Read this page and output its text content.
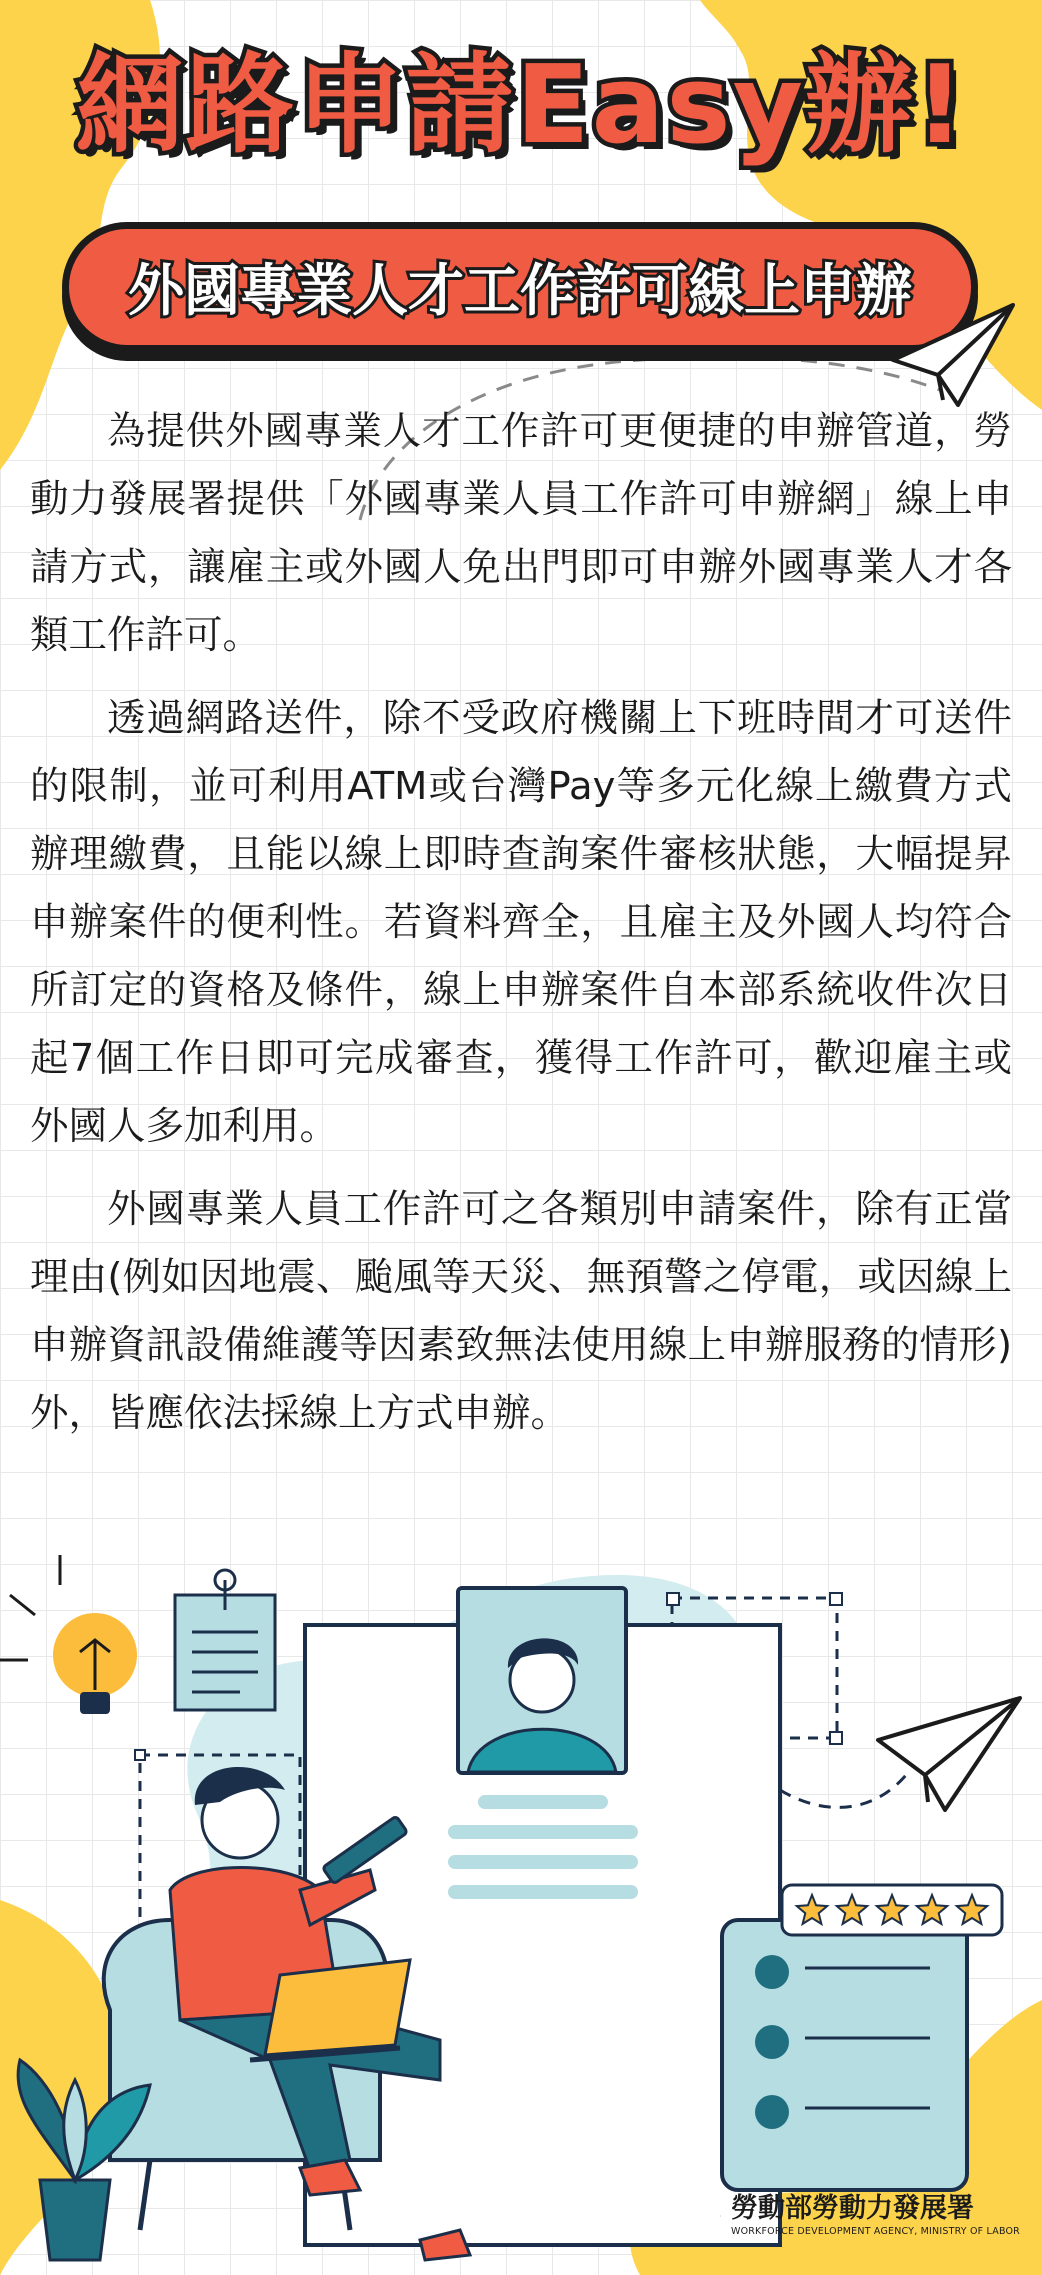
網路申請Easy辦!
外國專業人才工作許可線上申辦

為提供外國專業人才工作許可更便捷的申辦管道，勞動力發展署提供「外國專業人員工作許可申辦網」線上申請方式，讓雇主或外國人免出門即可申辦外國專業人才各類工作許可。

透過網路送件，除不受政府機關上下班時間才可送件的限制，並可利用ATM或台灣Pay等多元化線上繳費方式辦理繳費，且能以線上即時查詢案件審核狀態，大幅提昇申辦案件的便利性。若資料齊全，且雇主及外國人均符合所訂定的資格及條件，線上申辦案件自本部系統收件次日起7個工作日即可完成審查，獲得工作許可，歡迎雇主或外國人多加利用。

外國專業人員工作許可之各類別申請案件，除有正當理由(例如因地震、颱風等天災、無預警之停電，或因線上申辦資訊設備維護等因素致無法使用線上申辦服務的情形)外，皆應依法採線上方式申辦。

勞動部勞動力發展署
WORKFORCE DEVELOPMENT AGENCY, MINISTRY OF LABOR
